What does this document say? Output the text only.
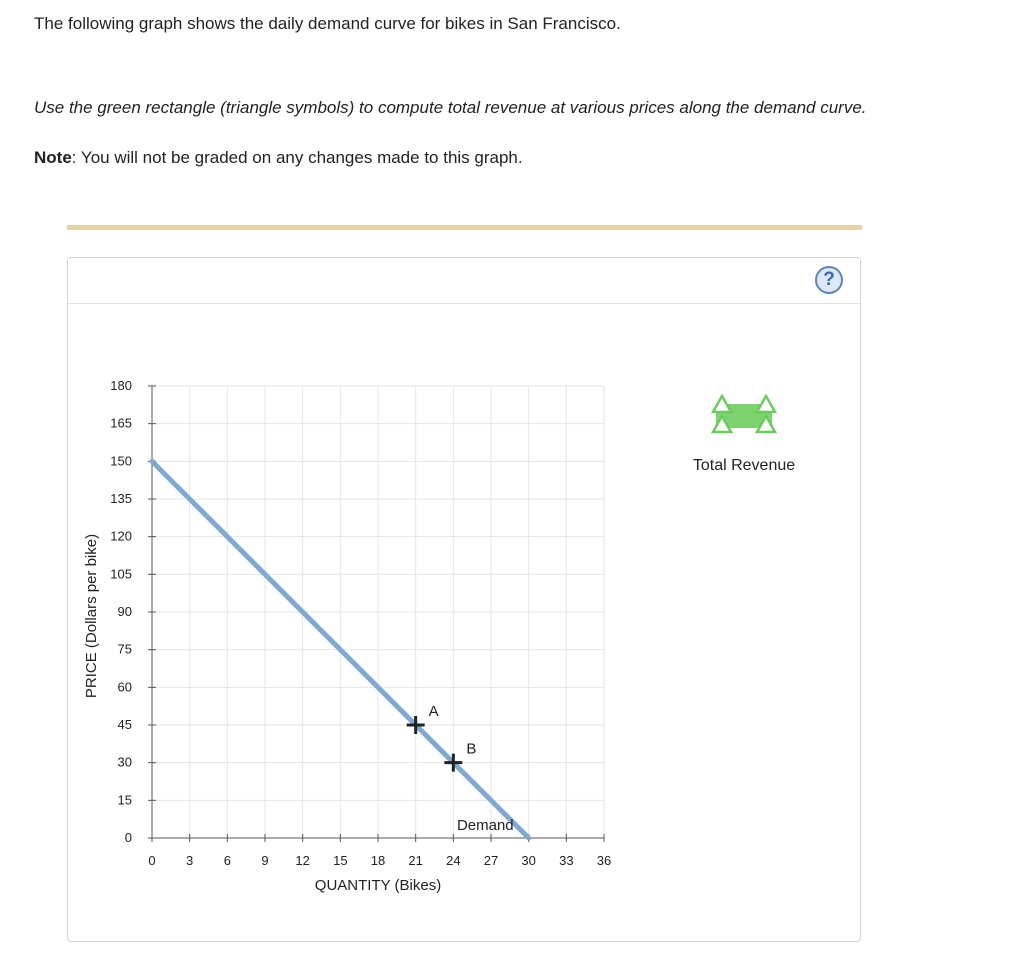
The following graph shows the daily demand curve for bikes in San Francisco.

Use the green rectangle (triangle symbols) to compute total revenue at various prices along the demand curve.

Note: You will not be graded on any changes made to this graph.

?
0
15
30
45
60
75
90
105
120
135
150
165
180
0 3 6 9 12 15 18 21 24 27 30 33 36
QUANTITY (Bikes)
PRICE (Dollars per bike)
Demand
A
B
Total Revenue
